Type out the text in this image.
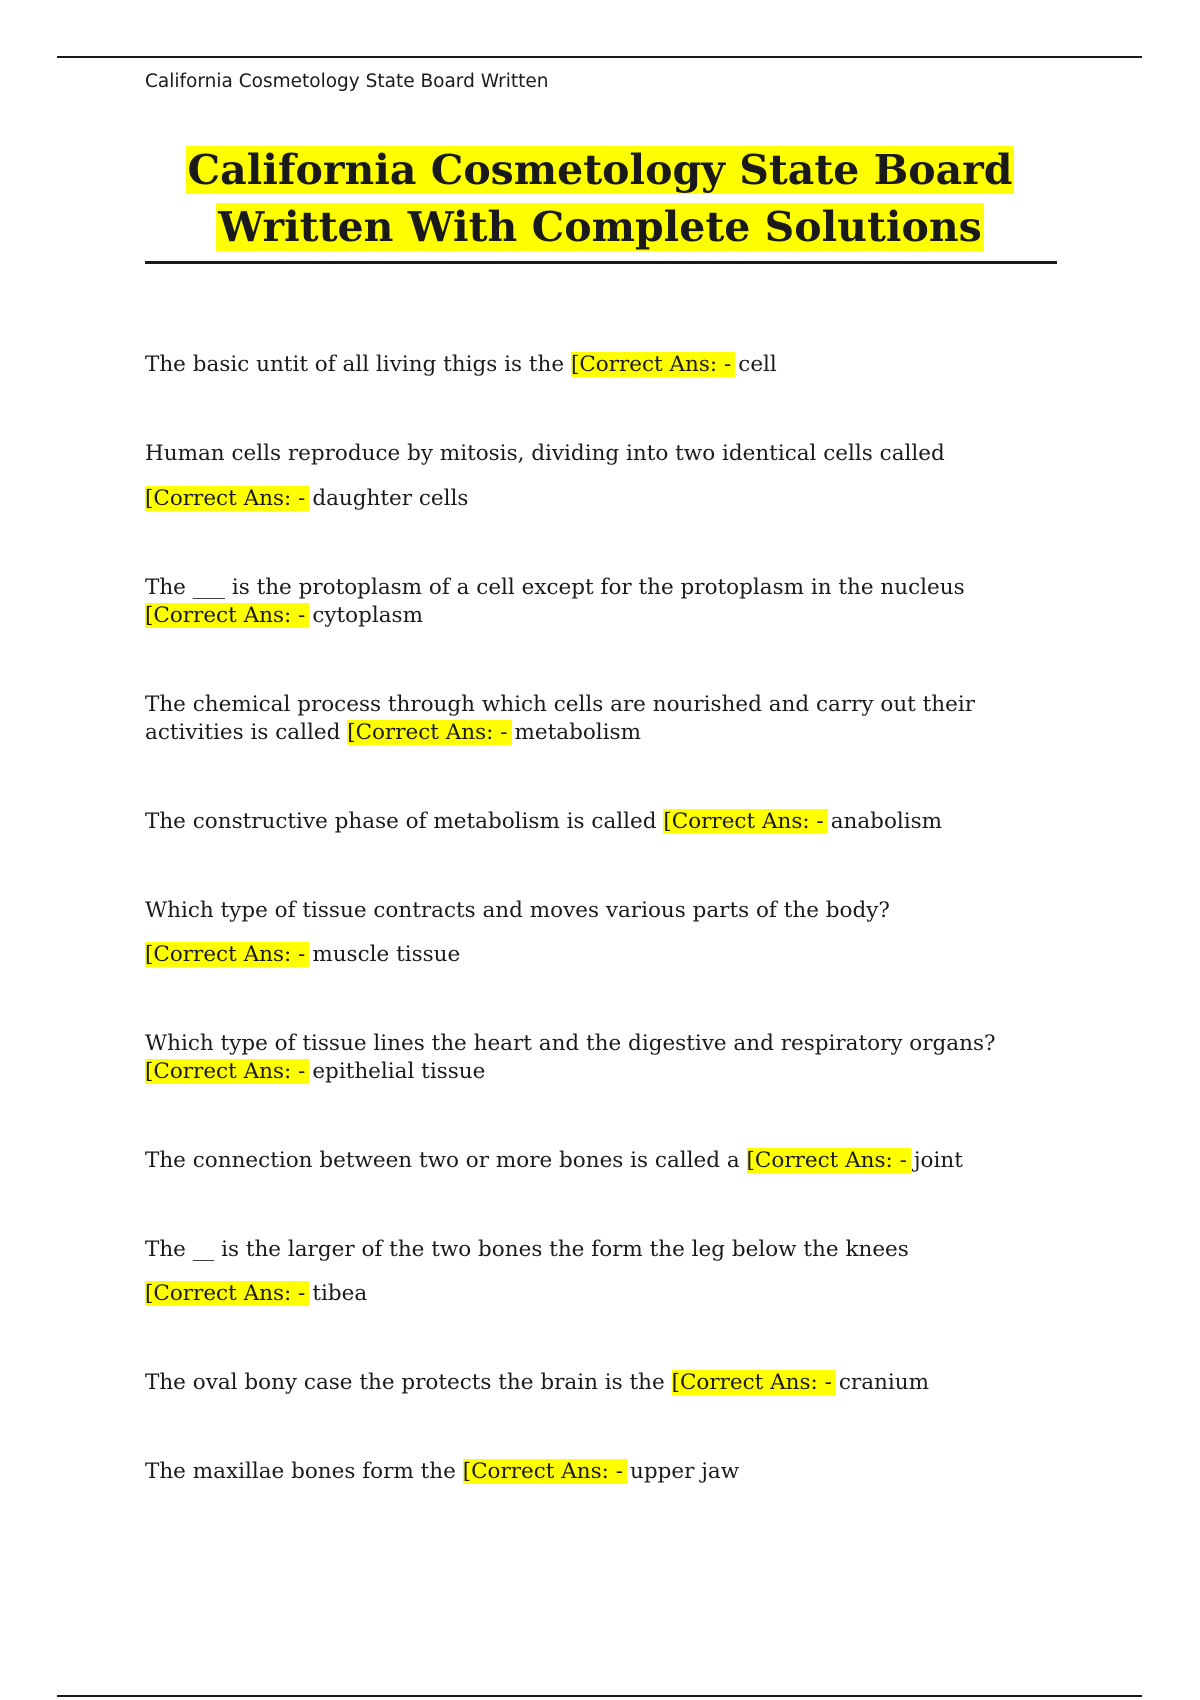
California Cosmetology State Board Written
California Cosmetology State Board
Written With Complete Solutions
The basic untit of all living thigs is the [Correct Ans: - cell
Human cells reproduce by mitosis, dividing into two identical cells called
[Correct Ans: - daughter cells
The ___ is the protoplasm of a cell except for the protoplasm in the nucleus
[Correct Ans: - cytoplasm
The chemical process through which cells are nourished and carry out their
activities is called [Correct Ans: - metabolism
The constructive phase of metabolism is called [Correct Ans: - anabolism
Which type of tissue contracts and moves various parts of the body?
[Correct Ans: - muscle tissue
Which type of tissue lines the heart and the digestive and respiratory organs?
[Correct Ans: - epithelial tissue
The connection between two or more bones is called a [Correct Ans: - joint
The __ is the larger of the two bones the form the leg below the knees
[Correct Ans: - tibea
The oval bony case the protects the brain is the [Correct Ans: - cranium
The maxillae bones form the [Correct Ans: - upper jaw
